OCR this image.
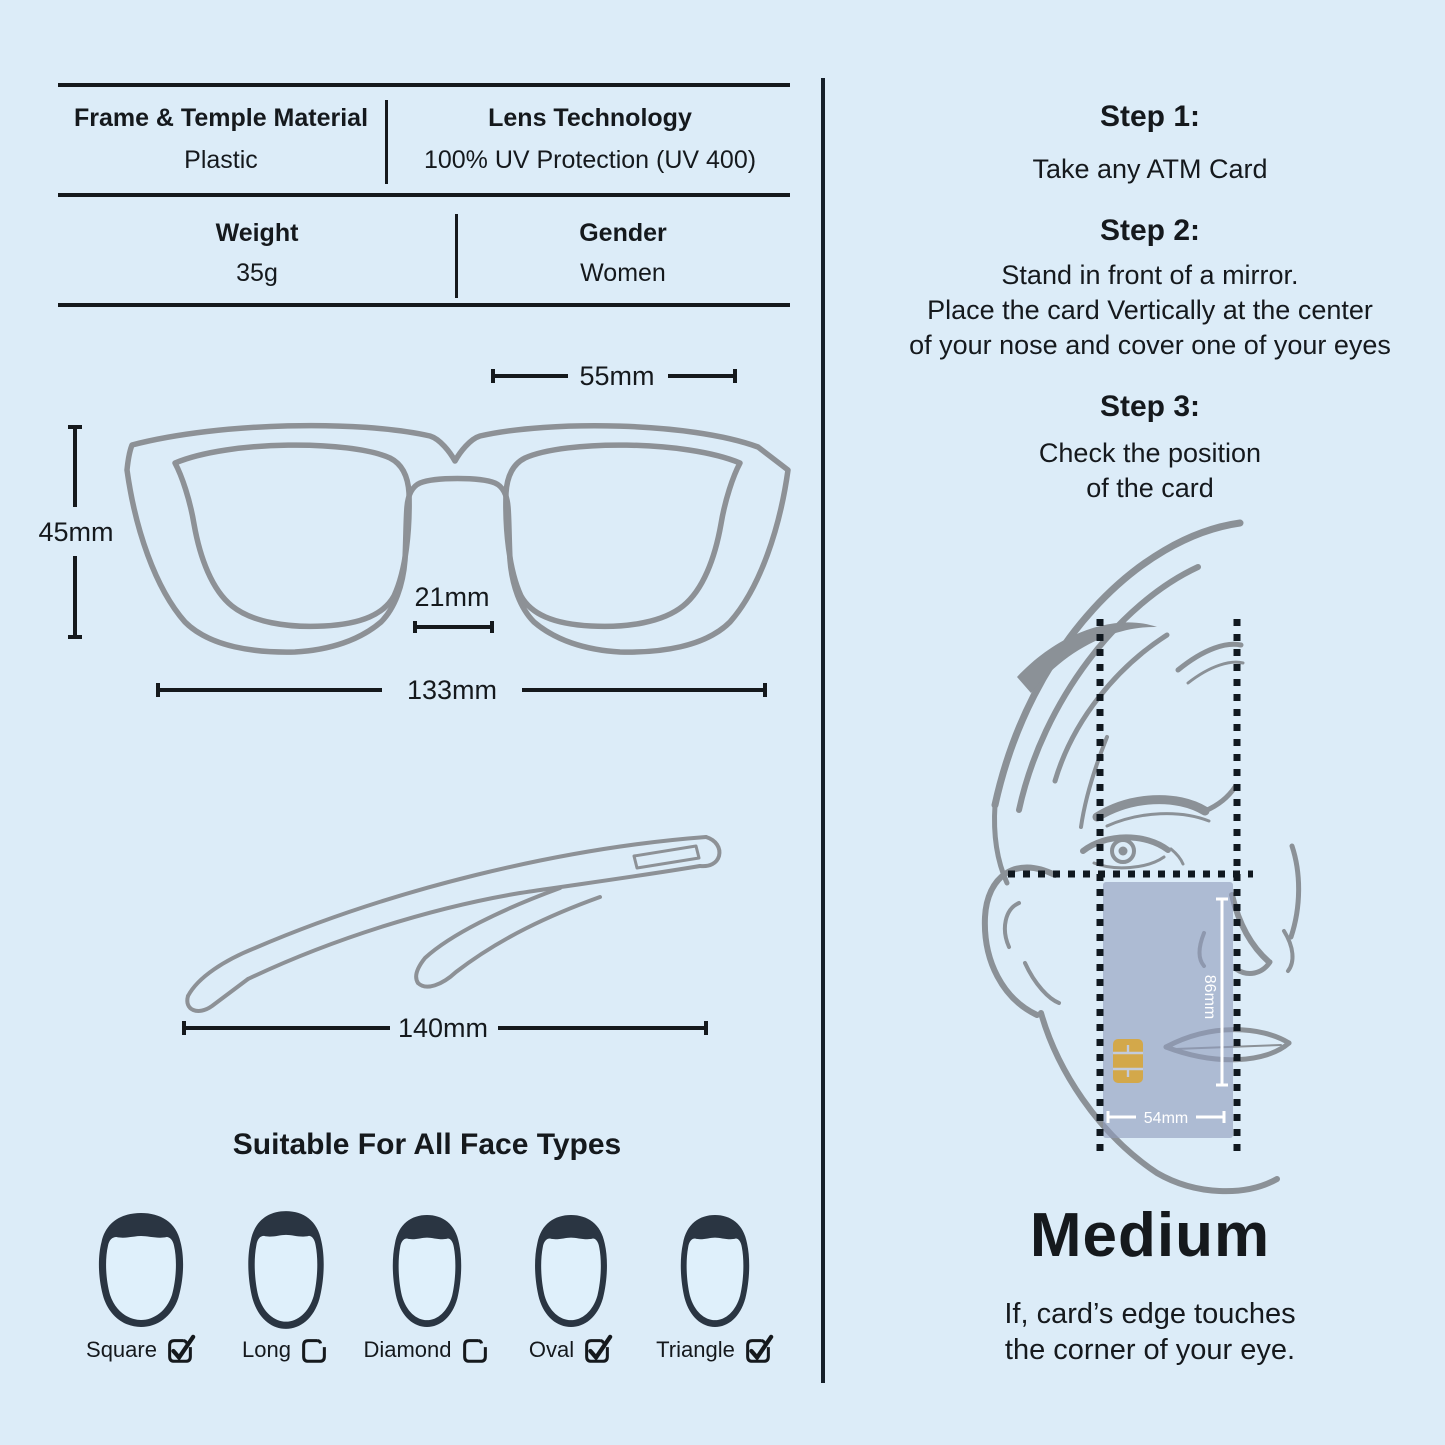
Frame & Temple Material
Plastic
Lens Technology
100% UV Protection (UV 400)
Weight
35g
Gender
Women
55mm
45mm
21mm
133mm
140mm
Suitable For All Face Types
Square	Long	Diamond	Oval	Triangle
Step 1:
Take any ATM Card
Step 2:
Stand in front of a mirror.
Place the card Vertically at the center
of your nose and cover one of your eyes
Step 3:
Check the position
of the card
86mm
54mm
Medium
If, card’s edge touches
the corner of your eye.
